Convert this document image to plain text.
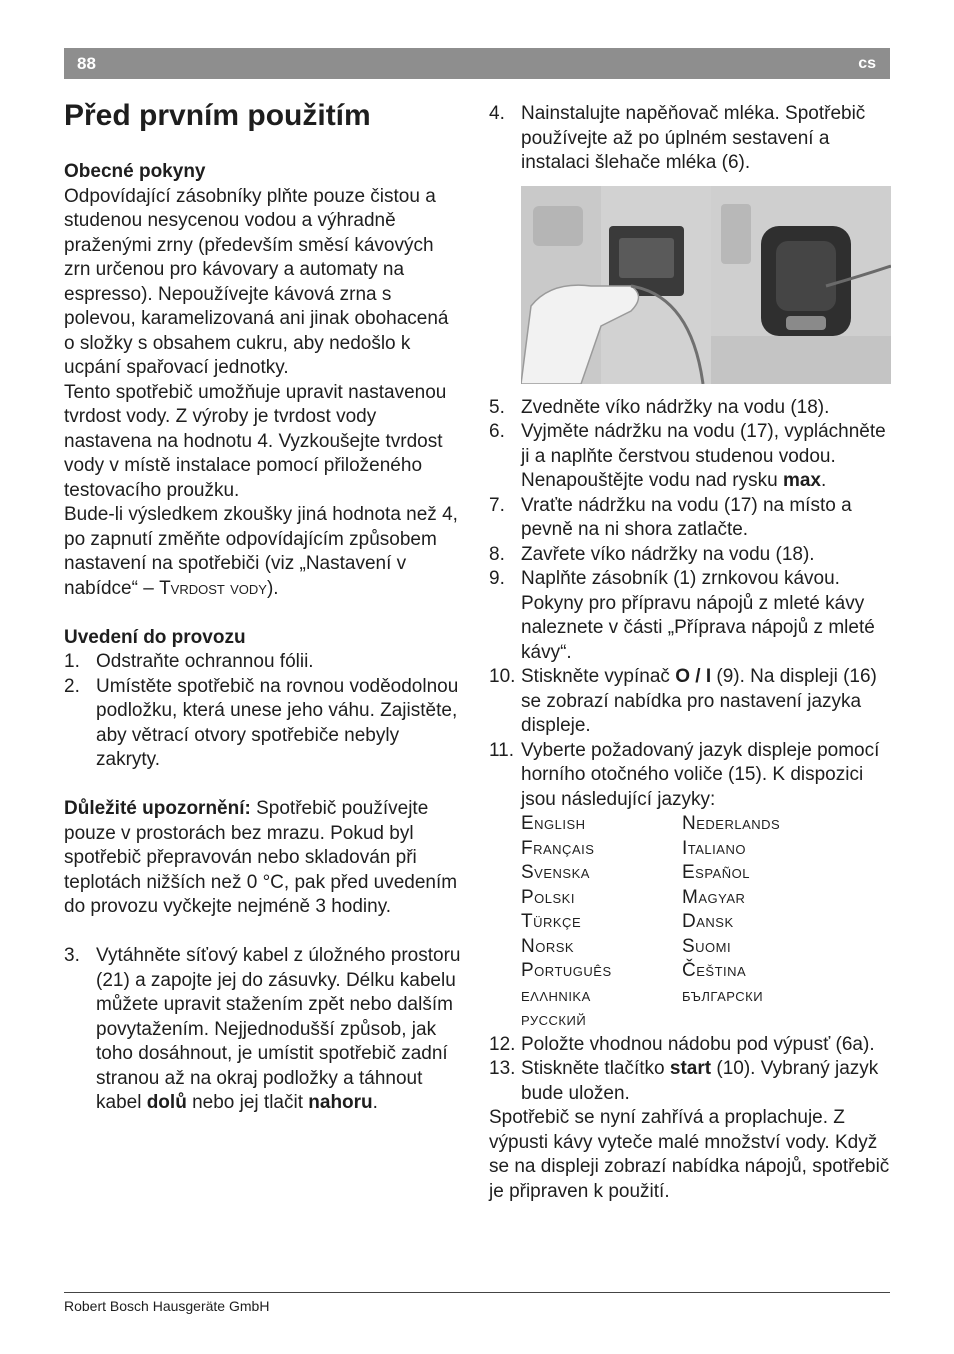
88	cs
Před prvním použitím

Obecné pokyny

Odpovídající zásobníky plňte pouze čistou a studenou nesycenou vodou a výhradně praženými zrny (především směsí kávových zrn určenou pro kávovary a automaty na espresso). Nepoužívejte kávová zrna s polevou, karamelizovaná ani jinak obohacená o složky s obsahem cukru, aby nedošlo k ucpání spařovací jednotky.

Tento spotřebič umožňuje upravit nastavenou tvrdost vody. Z výroby je tvrdost vody nastavena na hodnotu 4. Vyzkoušejte tvrdost vody v místě instalace pomocí přiloženého testovacího proužku.

Bude-li výsledkem zkoušky jiná hodnota než 4, po zapnutí změňte odpovídajícím způsobem nastavení na spotřebiči (viz „Nastavení v nabídce“ – Tvrdost vody).

Uvedení do provozu

1. Odstraňte ochrannou fólii.
2. Umístěte spotřebič na rovnou voděodolnou podložku, která unese jeho váhu. Zajistěte, aby větrací otvory spotřebiče nebyly zakryty.

Důležité upozornění: Spotřebič používejte pouze v prostorách bez mrazu. Pokud byl spotřebič přepravován nebo skladován při teplotách nižších než 0 °C, pak před uvedením do provozu vyčkejte nejméně 3 hodiny.

3. Vytáhněte síťový kabel z úložného prostoru (21) a zapojte jej do zásuvky. Délku kabelu můžete upravit stažením zpět nebo dalším povytažením. Nejjednodušší způsob, jak toho dosáhnout, je umístit spotřebič zadní stranou až na okraj podložky a táhnout kabel dolů nebo jej tlačit nahoru.
4. Nainstalujte napěňovač mléka. Spotřebič používejte až po úplném sestavení a instalaci šlehače mléka (6).
5. Zvedněte víko nádržky na vodu (18).
6. Vyjměte nádržku na vodu (17), vypláchněte ji a naplňte čerstvou studenou vodou. Nenapouštějte vodu nad rysku max.
7. Vraťte nádržku na vodu (17) na místo a pevně na ni shora zatlačte.
8. Zavřete víko nádržky na vodu (18).
9. Naplňte zásobník (1) zrnkovou kávou. Pokyny pro přípravu nápojů z mleté kávy naleznete v části „Příprava nápojů z mleté kávy“.
10. Stiskněte vypínač O / I (9). Na displeji (16) se zobrazí nabídka pro nastavení jazyka displeje.
11. Vyberte požadovaný jazyk displeje pomocí horního otočného voliče (15). K dispozici jsou následující jazyky:
English	Nederlands
Français	Italiano
Svenska	Español
Polski	Magyar
Türkçe	Dansk
Norsk	Suomi
Português	Čeština
ελληνικα	български
русский
12. Položte vhodnou nádobu pod výpusť (6a).
13. Stiskněte tlačítko start (10). Vybraný jazyk bude uložen.

Spotřebič se nyní zahřívá a proplachuje. Z výpusti kávy vyteče malé množství vody. Když se na displeji zobrazí nabídka nápojů, spotřebič je připraven k použití.

Robert Bosch Hausgeräte GmbH
